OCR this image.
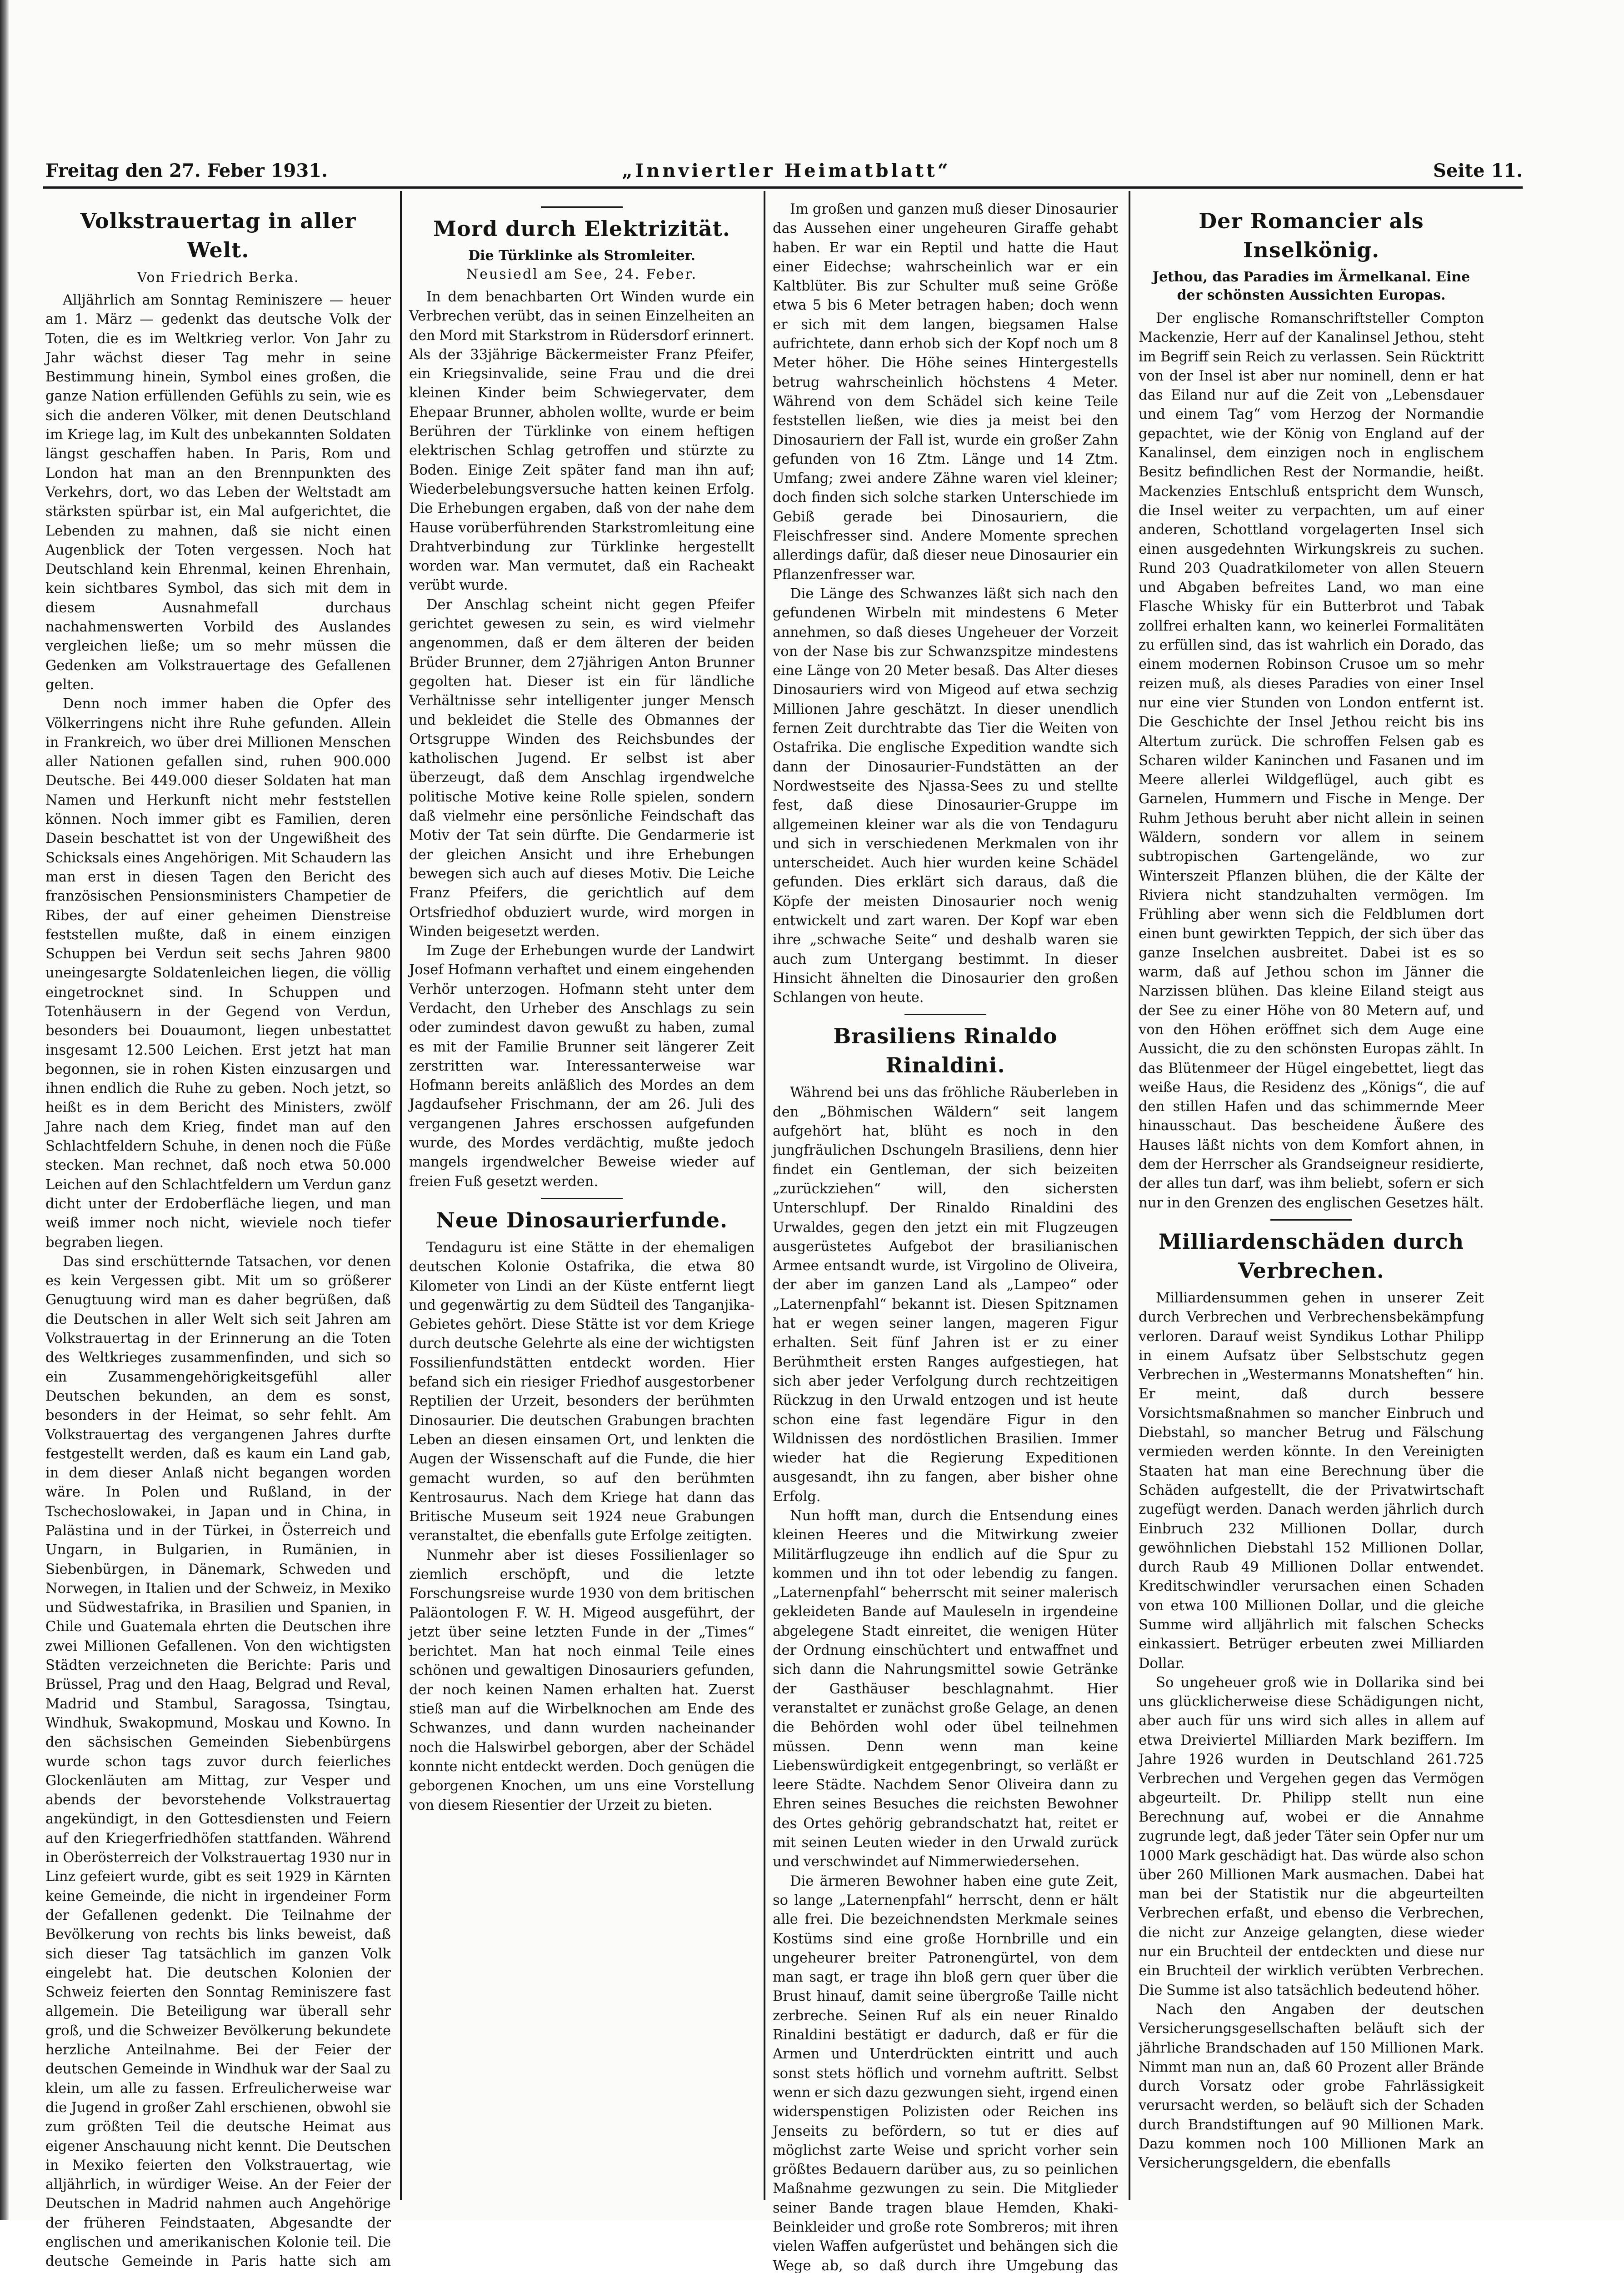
Freitag den 27. Feber 1931.	„Innviertler Heimatblatt“	Seite 11.
Volkstrauertag in aller Welt.

Von Friedrich Berka.

Alljährlich am Sonntag Reminiszere — heuer am 1. März — gedenkt das deutsche Volk der Toten, die es im Weltkrieg verlor. Von Jahr zu Jahr wächst dieser Tag mehr in seine Bestimmung hinein, Symbol eines großen, die ganze Nation erfüllenden Gefühls zu sein, wie es sich die anderen Völker, mit denen Deutschland im Kriege lag, im Kult des unbekannten Soldaten längst geschaffen haben. In Paris, Rom und London hat man an den Brennpunkten des Verkehrs, dort, wo das Leben der Weltstadt am stärksten spürbar ist, ein Mal aufgerichtet, die Lebenden zu mahnen, daß sie nicht einen Augenblick der Toten vergessen. Noch hat Deutschland kein Ehrenmal, keinen Ehrenhain, kein sichtbares Symbol, das sich mit dem in diesem Ausnahmefall durchaus nachahmenswerten Vorbild des Auslandes vergleichen ließe; um so mehr müssen die Gedenken am Volkstrauertage des Gefallenen gelten.

Denn noch immer haben die Opfer des Völkerringens nicht ihre Ruhe gefunden. Allein in Frankreich, wo über drei Millionen Menschen aller Nationen gefallen sind, ruhen 900.000 Deutsche. Bei 449.000 dieser Soldaten hat man Namen und Herkunft nicht mehr feststellen können. Noch immer gibt es Familien, deren Dasein beschattet ist von der Ungewißheit des Schicksals eines Angehörigen. Mit Schaudern las man erst in diesen Tagen den Bericht des französischen Pensionsministers Champetier de Ribes, der auf einer geheimen Dienstreise feststellen mußte, daß in einem einzigen Schuppen bei Verdun seit sechs Jahren 9800 uneingesargte Soldatenleichen liegen, die völlig eingetrocknet sind. In Schuppen und Totenhäusern in der Gegend von Verdun, besonders bei Douaumont, liegen unbestattet insgesamt 12.500 Leichen. Erst jetzt hat man begonnen, sie in rohen Kisten einzusargen und ihnen endlich die Ruhe zu geben. Noch jetzt, so heißt es in dem Bericht des Ministers, zwölf Jahre nach dem Krieg, findet man auf den Schlachtfeldern Schuhe, in denen noch die Füße stecken. Man rechnet, daß noch etwa 50.000 Leichen auf den Schlachtfeldern um Verdun ganz dicht unter der Erdoberfläche liegen, und man weiß immer noch nicht, wieviele noch tiefer begraben liegen.

Das sind erschütternde Tatsachen, vor denen es kein Vergessen gibt. Mit um so größerer Genugtuung wird man es daher begrüßen, daß die Deutschen in aller Welt sich seit Jahren am Volkstrauertag in der Erinnerung an die Toten des Weltkrieges zusammenfinden, und sich so ein Zusammengehörigkeitsgefühl aller Deutschen bekunden, an dem es sonst, besonders in der Heimat, so sehr fehlt. Am Volkstrauertag des vergangenen Jahres durfte festgestellt werden, daß es kaum ein Land gab, in dem dieser Anlaß nicht begangen worden wäre. In Polen und Rußland, in der Tschechoslowakei, in Japan und in China, in Palästina und in der Türkei, in Österreich und Ungarn, in Bulgarien, in Rumänien, in Siebenbürgen, in Dänemark, Schweden und Norwegen, in Italien und der Schweiz, in Mexiko und Südwestafrika, in Brasilien und Spanien, in Chile und Guatemala ehrten die Deutschen ihre zwei Millionen Gefallenen. Von den wichtigsten Städten verzeichneten die Berichte: Paris und Brüssel, Prag und den Haag, Belgrad und Reval, Madrid und Stambul, Saragossa, Tsingtau, Windhuk, Swakopmund, Moskau und Kowno. In den sächsischen Gemeinden Siebenbürgens wurde schon tags zuvor durch feierliches Glockenläuten am Mittag, zur Vesper und abends der bevorstehende Volkstrauertag angekündigt, in den Gottesdiensten und Feiern auf den Kriegerfriedhöfen stattfanden. Während in Oberösterreich der Volkstrauertag 1930 nur in Linz gefeiert wurde, gibt es seit 1929 in Kärnten keine Gemeinde, die nicht in irgendeiner Form der Gefallenen gedenkt. Die Teilnahme der Bevölkerung von rechts bis links beweist, daß sich dieser Tag tatsächlich im ganzen Volk eingelebt hat. Die deutschen Kolonien der Schweiz feierten den Sonntag Reminiszere fast allgemein. Die Beteiligung war überall sehr groß, und die Schweizer Bevölkerung bekundete herzliche Anteilnahme. Bei der Feier der deutschen Gemeinde in Windhuk war der Saal zu klein, um alle zu fassen. Erfreulicherweise war die Jugend in großer Zahl erschienen, obwohl sie zum größten Teil die deutsche Heimat aus eigener Anschauung nicht kennt. Die Deutschen in Mexiko feierten den Volkstrauertag, wie alljährlich, in würdiger Weise. An der Feier der Deutschen in Madrid nahmen auch Angehörige der früheren Feindstaaten, Abgesandte der englischen und amerikanischen Kolonie teil. Die deutsche Gemeinde in Paris hatte sich am

Mord durch Elektrizität.

Die Türklinke als Stromleiter.

Neusiedl am See, 24. Feber.

In dem benachbarten Ort Winden wurde ein Verbrechen verübt, das in seinen Einzelheiten an den Mord mit Starkstrom in Rüdersdorf erinnert. Als der 33jährige Bäckermeister Franz Pfeifer, ein Kriegsinvalide, seine Frau und die drei kleinen Kinder beim Schwiegervater, dem Ehepaar Brunner, abholen wollte, wurde er beim Berühren der Türklinke von einem heftigen elektrischen Schlag getroffen und stürzte zu Boden. Einige Zeit später fand man ihn auf; Wiederbelebungsversuche hatten keinen Erfolg. Die Erhebungen ergaben, daß von der nahe dem Hause vorüberführenden Starkstromleitung eine Drahtverbindung zur Türklinke hergestellt worden war. Man vermutet, daß ein Racheakt verübt wurde.

Der Anschlag scheint nicht gegen Pfeifer gerichtet gewesen zu sein, es wird vielmehr angenommen, daß er dem älteren der beiden Brüder Brunner, dem 27jährigen Anton Brunner gegolten hat. Dieser ist ein für ländliche Verhältnisse sehr intelligenter junger Mensch und bekleidet die Stelle des Obmannes der Ortsgruppe Winden des Reichsbundes der katholischen Jugend. Er selbst ist aber überzeugt, daß dem Anschlag irgendwelche politische Motive keine Rolle spielen, sondern daß vielmehr eine persönliche Feindschaft das Motiv der Tat sein dürfte. Die Gendarmerie ist der gleichen Ansicht und ihre Erhebungen bewegen sich auch auf dieses Motiv. Die Leiche Franz Pfeifers, die gerichtlich auf dem Ortsfriedhof obduziert wurde, wird morgen in Winden beigesetzt werden.

Im Zuge der Erhebungen wurde der Landwirt Josef Hofmann verhaftet und einem eingehenden Verhör unterzogen. Hofmann steht unter dem Verdacht, den Urheber des Anschlags zu sein oder zumindest davon gewußt zu haben, zumal es mit der Familie Brunner seit längerer Zeit zerstritten war. Interessanterweise war Hofmann bereits anläßlich des Mordes an dem Jagdaufseher Frischmann, der am 26. Juli des vergangenen Jahres erschossen aufgefunden wurde, des Mordes verdächtig, mußte jedoch mangels irgendwelcher Beweise wieder auf freien Fuß gesetzt werden.

Neue Dinosaurierfunde.

Tendaguru ist eine Stätte in der ehemaligen deutschen Kolonie Ostafrika, die etwa 80 Kilometer von Lindi an der Küste entfernt liegt und gegenwärtig zu dem Südteil des Tanganjika-Gebietes gehört. Diese Stätte ist vor dem Kriege durch deutsche Gelehrte als eine der wichtigsten Fossilienfundstätten entdeckt worden. Hier befand sich ein riesiger Friedhof ausgestorbener Reptilien der Urzeit, besonders der berühmten Dinosaurier. Die deutschen Grabungen brachten Leben an diesen einsamen Ort, und lenkten die Augen der Wissenschaft auf die Funde, die hier gemacht wurden, so auf den berühmten Kentrosaurus. Nach dem Kriege hat dann das Britische Museum seit 1924 neue Grabungen veranstaltet, die ebenfalls gute Erfolge zeitigten.

Nunmehr aber ist dieses Fossilienlager so ziemlich erschöpft, und die letzte Forschungsreise wurde 1930 von dem britischen Paläontologen F. W. H. Migeod ausgeführt, der jetzt über seine letzten Funde in der „Times“ berichtet. Man hat noch einmal Teile eines schönen und gewaltigen Dinosauriers gefunden, der noch keinen Namen erhalten hat. Zuerst stieß man auf die Wirbelknochen am Ende des Schwanzes, und dann wurden nacheinander noch die Halswirbel geborgen, aber der Schädel konnte nicht entdeckt werden. Doch genügen die geborgenen Knochen, um uns eine Vorstellung von diesem Riesentier der Urzeit zu bieten.

Im großen und ganzen muß dieser Dinosaurier das Aussehen einer ungeheuren Giraffe gehabt haben. Er war ein Reptil und hatte die Haut einer Eidechse; wahrscheinlich war er ein Kaltblüter. Bis zur Schulter muß seine Größe etwa 5 bis 6 Meter betragen haben; doch wenn er sich mit dem langen, biegsamen Halse aufrichtete, dann erhob sich der Kopf noch um 8 Meter höher. Die Höhe seines Hintergestells betrug wahrscheinlich höchstens 4 Meter. Während von dem Schädel sich keine Teile feststellen ließen, wie dies ja meist bei den Dinosauriern der Fall ist, wurde ein großer Zahn gefunden von 16 Ztm. Länge und 14 Ztm. Umfang; zwei andere Zähne waren viel kleiner; doch finden sich solche starken Unterschiede im Gebiß gerade bei Dinosauriern, die Fleischfresser sind. Andere Momente sprechen allerdings dafür, daß dieser neue Dinosaurier ein Pflanzenfresser war.

Die Länge des Schwanzes läßt sich nach den gefundenen Wirbeln mit mindestens 6 Meter annehmen, so daß dieses Ungeheuer der Vorzeit von der Nase bis zur Schwanzspitze mindestens eine Länge von 20 Meter besaß. Das Alter dieses Dinosauriers wird von Migeod auf etwa sechzig Millionen Jahre geschätzt. In dieser unendlich fernen Zeit durchtrabte das Tier die Weiten von Ostafrika. Die englische Expedition wandte sich dann der Dinosaurier-Fundstätten an der Nordwestseite des Njassa-Sees zu und stellte fest, daß diese Dinosaurier-Gruppe im allgemeinen kleiner war als die von Tendaguru und sich in verschiedenen Merkmalen von ihr unterscheidet. Auch hier wurden keine Schädel gefunden. Dies erklärt sich daraus, daß die Köpfe der meisten Dinosaurier noch wenig entwickelt und zart waren. Der Kopf war eben ihre „schwache Seite“ und deshalb waren sie auch zum Untergang bestimmt. In dieser Hinsicht ähnelten die Dinosaurier den großen Schlangen von heute.

Brasiliens Rinaldo Rinaldini.

Während bei uns das fröhliche Räuberleben in den „Böhmischen Wäldern“ seit langem aufgehört hat, blüht es noch in den jungfräulichen Dschungeln Brasiliens, denn hier findet ein Gentleman, der sich beizeiten „zurückziehen“ will, den sichersten Unterschlupf. Der Rinaldo Rinaldini des Urwaldes, gegen den jetzt ein mit Flugzeugen ausgerüstetes Aufgebot der brasilianischen Armee entsandt wurde, ist Virgolino de Oliveira, der aber im ganzen Land als „Lampeo“ oder „Laternenpfahl“ bekannt ist. Diesen Spitznamen hat er wegen seiner langen, mageren Figur erhalten. Seit fünf Jahren ist er zu einer Berühmtheit ersten Ranges aufgestiegen, hat sich aber jeder Verfolgung durch rechtzeitigen Rückzug in den Urwald entzogen und ist heute schon eine fast legendäre Figur in den Wildnissen des nordöstlichen Brasilien. Immer wieder hat die Regierung Expeditionen ausgesandt, ihn zu fangen, aber bisher ohne Erfolg.

Nun hofft man, durch die Entsendung eines kleinen Heeres und die Mitwirkung zweier Militärflugzeuge ihn endlich auf die Spur zu kommen und ihn tot oder lebendig zu fangen. „Laternenpfahl“ beherrscht mit seiner malerisch gekleideten Bande auf Mauleseln in irgendeine abgelegene Stadt einreitet, die wenigen Hüter der Ordnung einschüchtert und entwaffnet und sich dann die Nahrungsmittel sowie Getränke der Gasthäuser beschlagnahmt. Hier veranstaltet er zunächst große Gelage, an denen die Behörden wohl oder übel teilnehmen müssen. Denn wenn man keine Liebenswürdigkeit entgegenbringt, so verläßt er leere Städte. Nachdem Senor Oliveira dann zu Ehren seines Besuches die reichsten Bewohner des Ortes gehörig gebrandschatzt hat, reitet er mit seinen Leuten wieder in den Urwald zurück und verschwindet auf Nimmerwiedersehen.

Die ärmeren Bewohner haben eine gute Zeit, so lange „Laternenpfahl“ herrscht, denn er hält alle frei. Die bezeichnendsten Merkmale seines Kostüms sind eine große Hornbrille und ein ungeheurer breiter Patronengürtel, von dem man sagt, er trage ihn bloß gern quer über die Brust hinauf, damit seine übergroße Taille nicht zerbreche. Seinen Ruf als ein neuer Rinaldo Rinaldini bestätigt er dadurch, daß er für die Armen und Unterdrückten eintritt und auch sonst stets höflich und vornehm auftritt. Selbst wenn er sich dazu gezwungen sieht, irgend einen widerspenstigen Polizisten oder Reichen ins Jenseits zu befördern, so tut er dies auf möglichst zarte Weise und spricht vorher sein größtes Bedauern darüber aus, zu so peinlichen Maßnahme gezwungen zu sein. Die Mitglieder seiner Bande tragen blaue Hemden, Khaki-Beinkleider und große rote Sombreros; mit ihren vielen Waffen aufgerüstet und behängen sich die Wege ab, so daß durch ihre Umgebung das

Der Romancier als Inselkönig.

Jethou, das Paradies im Ärmelkanal. Eine der schönsten Aussichten Europas.

Der englische Romanschriftsteller Compton Mackenzie, Herr auf der Kanalinsel Jethou, steht im Begriff sein Reich zu verlassen. Sein Rücktritt von der Insel ist aber nur nominell, denn er hat das Eiland nur auf die Zeit von „Lebensdauer und einem Tag“ vom Herzog der Normandie gepachtet, wie der König von England auf der Kanalinsel, dem einzigen noch in englischem Besitz befindlichen Rest der Normandie, heißt. Mackenzies Entschluß entspricht dem Wunsch, die Insel weiter zu verpachten, um auf einer anderen, Schottland vorgelagerten Insel sich einen ausgedehnten Wirkungskreis zu suchen. Rund 203 Quadratkilometer von allen Steuern und Abgaben befreites Land, wo man eine Flasche Whisky für ein Butterbrot und Tabak zollfrei erhalten kann, wo keinerlei Formalitäten zu erfüllen sind, das ist wahrlich ein Dorado, das einem modernen Robinson Crusoe um so mehr reizen muß, als dieses Paradies von einer Insel nur eine vier Stunden von London entfernt ist. Die Geschichte der Insel Jethou reicht bis ins Altertum zurück. Die schroffen Felsen gab es Scharen wilder Kaninchen und Fasanen und im Meere allerlei Wildgeflügel, auch gibt es Garnelen, Hummern und Fische in Menge. Der Ruhm Jethous beruht aber nicht allein in seinen Wäldern, sondern vor allem in seinem subtropischen Gartengelände, wo zur Winterszeit Pflanzen blühen, die der Kälte der Riviera nicht standzuhalten vermögen. Im Frühling aber wenn sich die Feldblumen dort einen bunt gewirkten Teppich, der sich über das ganze Inselchen ausbreitet. Dabei ist es so warm, daß auf Jethou schon im Jänner die Narzissen blühen. Das kleine Eiland steigt aus der See zu einer Höhe von 80 Metern auf, und von den Höhen eröffnet sich dem Auge eine Aussicht, die zu den schönsten Europas zählt. In das Blütenmeer der Hügel eingebettet, liegt das weiße Haus, die Residenz des „Königs“, die auf den stillen Hafen und das schimmernde Meer hinausschaut. Das bescheidene Äußere des Hauses läßt nichts von dem Komfort ahnen, in dem der Herrscher als Grandseigneur residierte, der alles tun darf, was ihm beliebt, sofern er sich nur in den Grenzen des englischen Gesetzes hält.

Milliardenschäden durch Verbrechen.

Milliardensummen gehen in unserer Zeit durch Verbrechen und Verbrechensbekämpfung verloren. Darauf weist Syndikus Lothar Philipp in einem Aufsatz über Selbstschutz gegen Verbrechen in „Westermanns Monatsheften“ hin. Er meint, daß durch bessere Vorsichtsmaßnahmen so mancher Einbruch und Diebstahl, so mancher Betrug und Fälschung vermieden werden könnte. In den Vereinigten Staaten hat man eine Berechnung über die Schäden aufgestellt, die der Privatwirtschaft zugefügt werden. Danach werden jährlich durch Einbruch 232 Millionen Dollar, durch gewöhnlichen Diebstahl 152 Millionen Dollar, durch Raub 49 Millionen Dollar entwendet. Kreditschwindler verursachen einen Schaden von etwa 100 Millionen Dollar, und die gleiche Summe wird alljährlich mit falschen Schecks einkassiert. Betrüger erbeuten zwei Milliarden Dollar.

So ungeheuer groß wie in Dollarika sind bei uns glücklicherweise diese Schädigungen nicht, aber auch für uns wird sich alles in allem auf etwa Dreiviertel Milliarden Mark beziffern. Im Jahre 1926 wurden in Deutschland 261.725 Verbrechen und Vergehen gegen das Vermögen abgeurteilt. Dr. Philipp stellt nun eine Berechnung auf, wobei er die Annahme zugrunde legt, daß jeder Täter sein Opfer nur um 1000 Mark geschädigt hat. Das würde also schon über 260 Millionen Mark ausmachen. Dabei hat man bei der Statistik nur die abgeurteilten Verbrechen erfaßt, und ebenso die Verbrechen, die nicht zur Anzeige gelangten, diese wieder nur ein Bruchteil der entdeckten und diese nur ein Bruchteil der wirklich verübten Verbrechen. Die Summe ist also tatsächlich bedeutend höher.

Nach den Angaben der deutschen Versicherungsgesellschaften beläuft sich der jährliche Brandschaden auf 150 Millionen Mark. Nimmt man nun an, daß 60 Prozent aller Brände durch Vorsatz oder grobe Fahrlässigkeit verursacht werden, so beläuft sich der Schaden durch Brandstiftungen auf 90 Millionen Mark. Dazu kommen noch 100 Millionen Mark an Versicherungsgeldern, die ebenfalls
